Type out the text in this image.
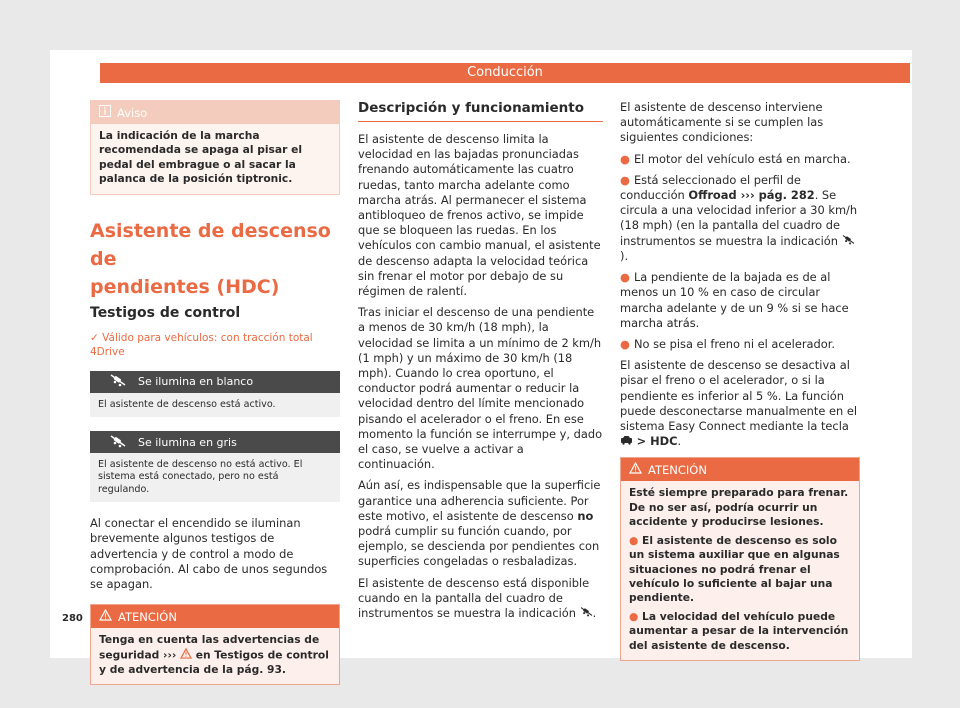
Conducción
Aviso
La indicación de la marcha recomendada se apaga al pisar el pedal del embrague o al sacar la palanca de la posición tiptronic.
Asistente de descenso de
pendientes (HDC)
Testigos de control
✓ Válido para vehículos: con tracción total 4Drive
Se ilumina en blanco
El asistente de descenso está activo.
Se ilumina en gris
El asistente de descenso no está activo. El sistema está conectado, pero no está regulando.

Al conectar el encendido se iluminan brevemente algunos testigos de advertencia y de control a modo de comprobación. Al cabo de unos segundos se apagan.

ATENCIÓN
Tenga en cuenta las advertencias de seguridad ››› en Testigos de control y de advertencia de la pág. 93.
Descripción y funcionamiento

El asistente de descenso limita la velocidad en las bajadas pronunciadas frenando automáticamente las cuatro ruedas, tanto marcha adelante como marcha atrás. Al permanecer el sistema antibloqueo de frenos activo, se impide que se bloqueen las ruedas. En los vehículos con cambio manual, el asistente de descenso adapta la velocidad teórica sin frenar el motor por debajo de su régimen de ralentí.

Tras iniciar el descenso de una pendiente a menos de 30 km/h (18 mph), la velocidad se limita a un mínimo de 2 km/h (1 mph) y un máximo de 30 km/h (18 mph). Cuando lo crea oportuno, el conductor podrá aumentar o reducir la velocidad dentro del límite mencionado pisando el acelerador o el freno. En ese momento la función se interrumpe y, dado el caso, se vuelve a activar a continuación.

Aún así, es indispensable que la superficie garantice una adherencia suficiente. Por este motivo, el asistente de descenso no podrá cumplir su función cuando, por ejemplo, se descienda por pendientes con superficies congeladas o resbaladizas.

El asistente de descenso está disponible cuando en la pantalla del cuadro de instrumentos se muestra la indicación .

El asistente de descenso interviene automáticamente si se cumplen las siguientes condiciones:

● El motor del vehículo está en marcha.
● Está seleccionado el perfil de conducción Offroad ››› pág. 282. Se circula a una velocidad inferior a 30 km/h (18 mph) (en la pantalla del cuadro de instrumentos se muestra la indicación ).
● La pendiente de la bajada es de al menos un 10 % en caso de circular marcha adelante y de un 9 % si se hace marcha atrás.
● No se pisa el freno ni el acelerador.

El asistente de descenso se desactiva al pisar el freno o el acelerador, o si la pendiente es inferior al 5 %. La función puede desconectarse manualmente en el sistema Easy Connect mediante la tecla  > HDC.

ATENCIÓN
Esté siempre preparado para frenar. De no ser así, podría ocurrir un accidente y producirse lesiones.
● El asistente de descenso es solo un sistema auxiliar que en algunas situaciones no podrá frenar el vehículo lo suficiente al bajar una pendiente.
● La velocidad del vehículo puede aumentar a pesar de la intervención del asistente de descenso.
280
